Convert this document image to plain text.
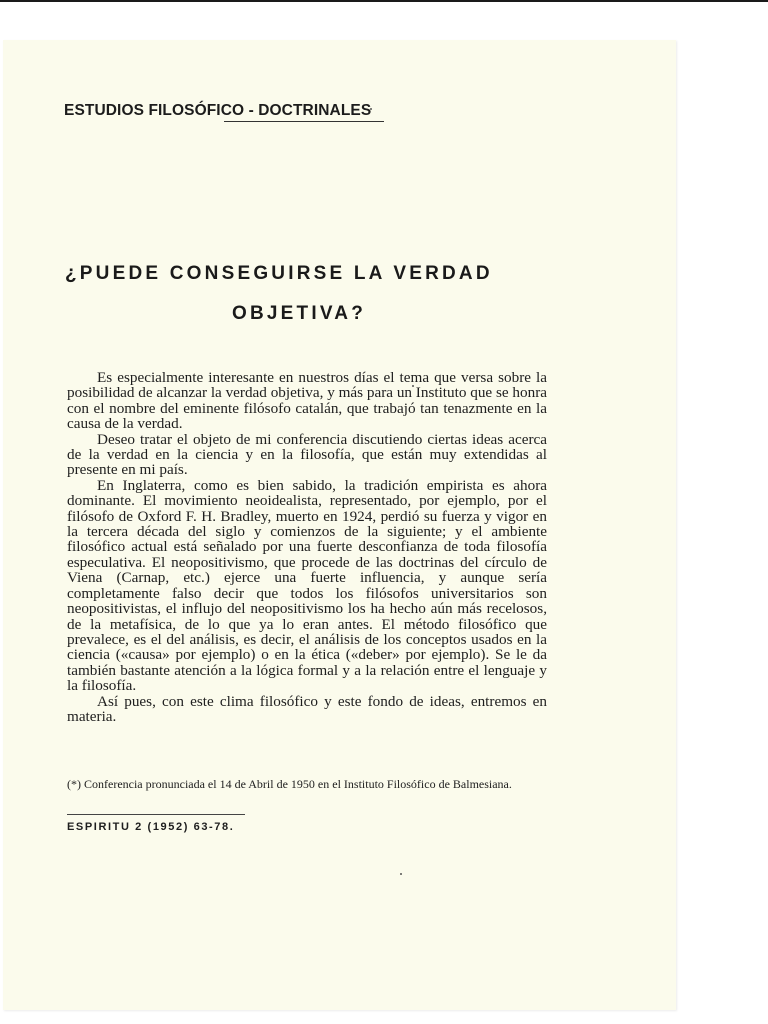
ESTUDIOS FILOSÓFICO - DOCTRINALES
¿PUEDE CONSEGUIRSE LA VERDAD
OBJETIVA?

Es especialmente interesante en nuestros días el tema que versa sobre la posibilidad de alcanzar la verdad objetiva, y más para un Instituto que se honra con el nombre del eminente filósofo catalán, que trabajó tan tenazmente en la causa de la verdad.

Deseo tratar el objeto de mi conferencia discutiendo ciertas ideas acerca de la verdad en la ciencia y en la filosofía, que están muy extendidas al presente en mi país.

En Inglaterra, como es bien sabido, la tradición empirista es ahora dominante. El movimiento neoidealista, representado, por ejemplo, por el filósofo de Oxford F. H. Bradley, muerto en 1924, perdió su fuerza y vigor en la tercera década del siglo y comienzos de la siguiente; y el ambiente filosófico actual está señalado por una fuerte desconfianza de toda filosofía especulativa. El neopositivismo, que procede de las doctrinas del círculo de Viena (Carnap, etc.) ejerce una fuerte influencia, y aunque sería completamente falso decir que todos los filósofos universitarios son neopositivistas, el influjo del neopositivismo los ha hecho aún más recelosos, de la metafísica, de lo que ya lo eran antes. El método filosófico que prevalece, es el del análisis, es decir, el análisis de los conceptos usados en la ciencia («causa» por ejemplo) o en la ética («deber» por ejemplo). Se le da también bastante atención a la lógica formal y a la relación entre el lenguaje y la filosofía.

Así pues, con este clima filosófico y este fondo de ideas, entremos en materia.

(*) Conferencia pronunciada el 14 de Abril de 1950 en el Instituto Filosófico de Balmesiana.

ESPIRITU 2 (1952) 63-78.
